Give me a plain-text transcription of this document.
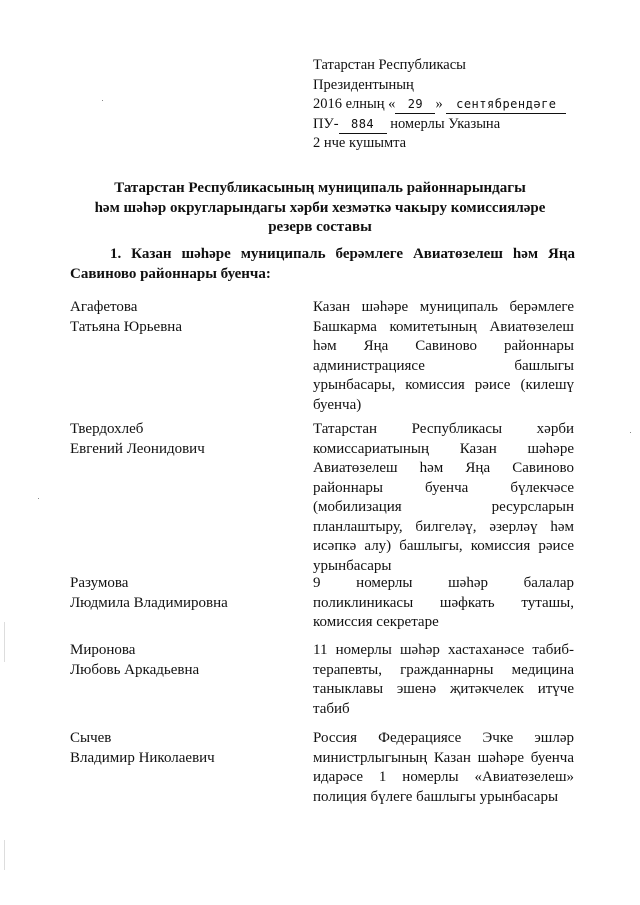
Татарстан Республикасы
Президентының
2016 елның « 29 » сентябрендәге
ПУ- 884 номерлы Указына
2 нче кушымта
Татарстан Республикасының муниципаль районнарындагы
һәм шәһәр округларындагы хәрби хезмәткә чакыру комиссияләре
резерв составы
1. Казан шәһәре муниципаль берәмлеге Авиатөзелеш һәм Яңа Савиново районнары буенча:
Агафетова
Татьяна Юрьевна
Казан шәһәре муниципаль берәмлеге Башкарма комитетының Авиатөзелеш һәм Яңа Савиново районнары администрациясе башлыгы урынбасары, комиссия рәисе (килешү буенча)
Твердохлеб
Евгений Леонидович
Татарстан Республикасы хәрби комиссариатының Казан шәһәре Авиатөзелеш һәм Яңа Савиново районнары буенча бүлекчәсе (мобилизация ресурсларын планлаштыру, билгеләү, әзерләү һәм исәпкә алу) башлыгы, комиссия рәисе урынбасары
Разумова
Людмила Владимировна
9 номерлы шәһәр балалар поликлиникасы шәфкать туташы, комиссия секретаре
Миронова
Любовь Аркадьевна
11 номерлы шәһәр хастаханәсе табиб-терапевты, гражданнарны медицина таныклавы эшенә җитәкчелек итүче табиб
Сычев
Владимир Николаевич
Россия Федерациясе Эчке эшләр министрлыгының Казан шәһәре буенча идарәсе 1 номерлы «Авиатөзелеш» полиция бүлеге башлыгы урынбасары
